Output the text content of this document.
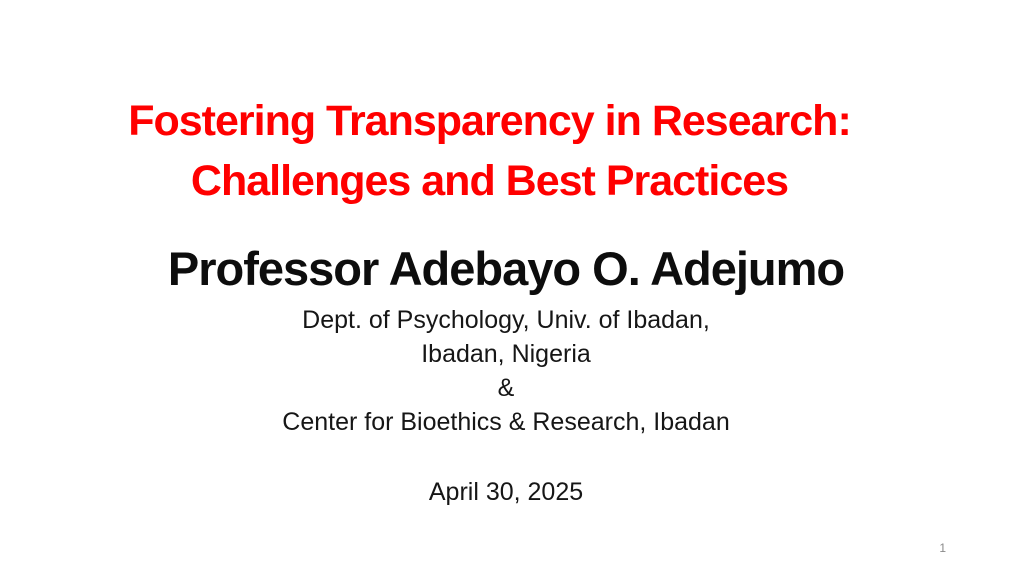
Fostering Transparency in Research:
Challenges and Best Practices
Professor Adebayo O. Adejumo
Dept. of Psychology, Univ. of Ibadan,
Ibadan, Nigeria
&
Center for Bioethics & Research, Ibadan
April 30, 2025
1
